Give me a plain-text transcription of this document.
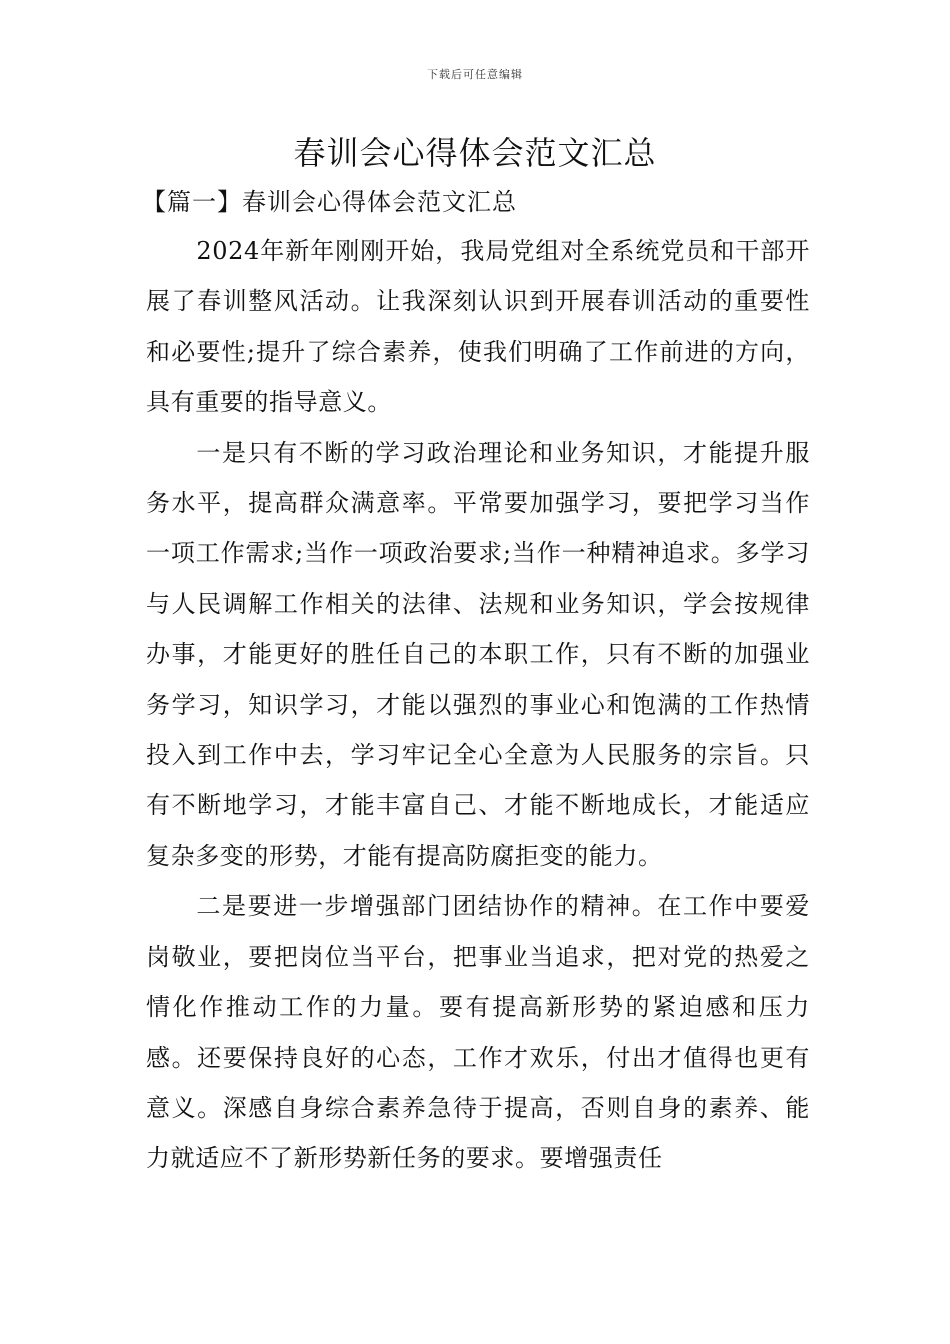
下载后可任意编辑
春训会心得体会范文汇总
【篇一】春训会心得体会范文汇总

2024年新年刚刚开始，我局党组对全系统党员和干部开展了春训整风活动。让我深刻认识到开展春训活动的重要性和必要性;提升了综合素养，使我们明确了工作前进的方向，具有重要的指导意义。

一是只有不断的学习政治理论和业务知识，才能提升服务水平，提高群众满意率。平常要加强学习，要把学习当作一项工作需求;当作一项政治要求;当作一种精神追求。多学习与人民调解工作相关的法律、法规和业务知识，学会按规律办事，才能更好的胜任自己的本职工作，只有不断的加强业务学习，知识学习，才能以强烈的事业心和饱满的工作热情投入到工作中去，学习牢记全心全意为人民服务的宗旨。只有不断地学习，才能丰富自己、才能不断地成长，才能适应复杂多变的形势，才能有提高防腐拒变的能力。

二是要进一步增强部门团结协作的精神。在工作中要爱岗敬业，要把岗位当平台，把事业当追求，把对党的热爱之情化作推动工作的力量。要有提高新形势的紧迫感和压力感。还要保持良好的心态，工作才欢乐，付出才值得也更有意义。深感自身综合素养急待于提高，否则自身的素养、能力就适应不了新形势新任务的要求。要增强责任
